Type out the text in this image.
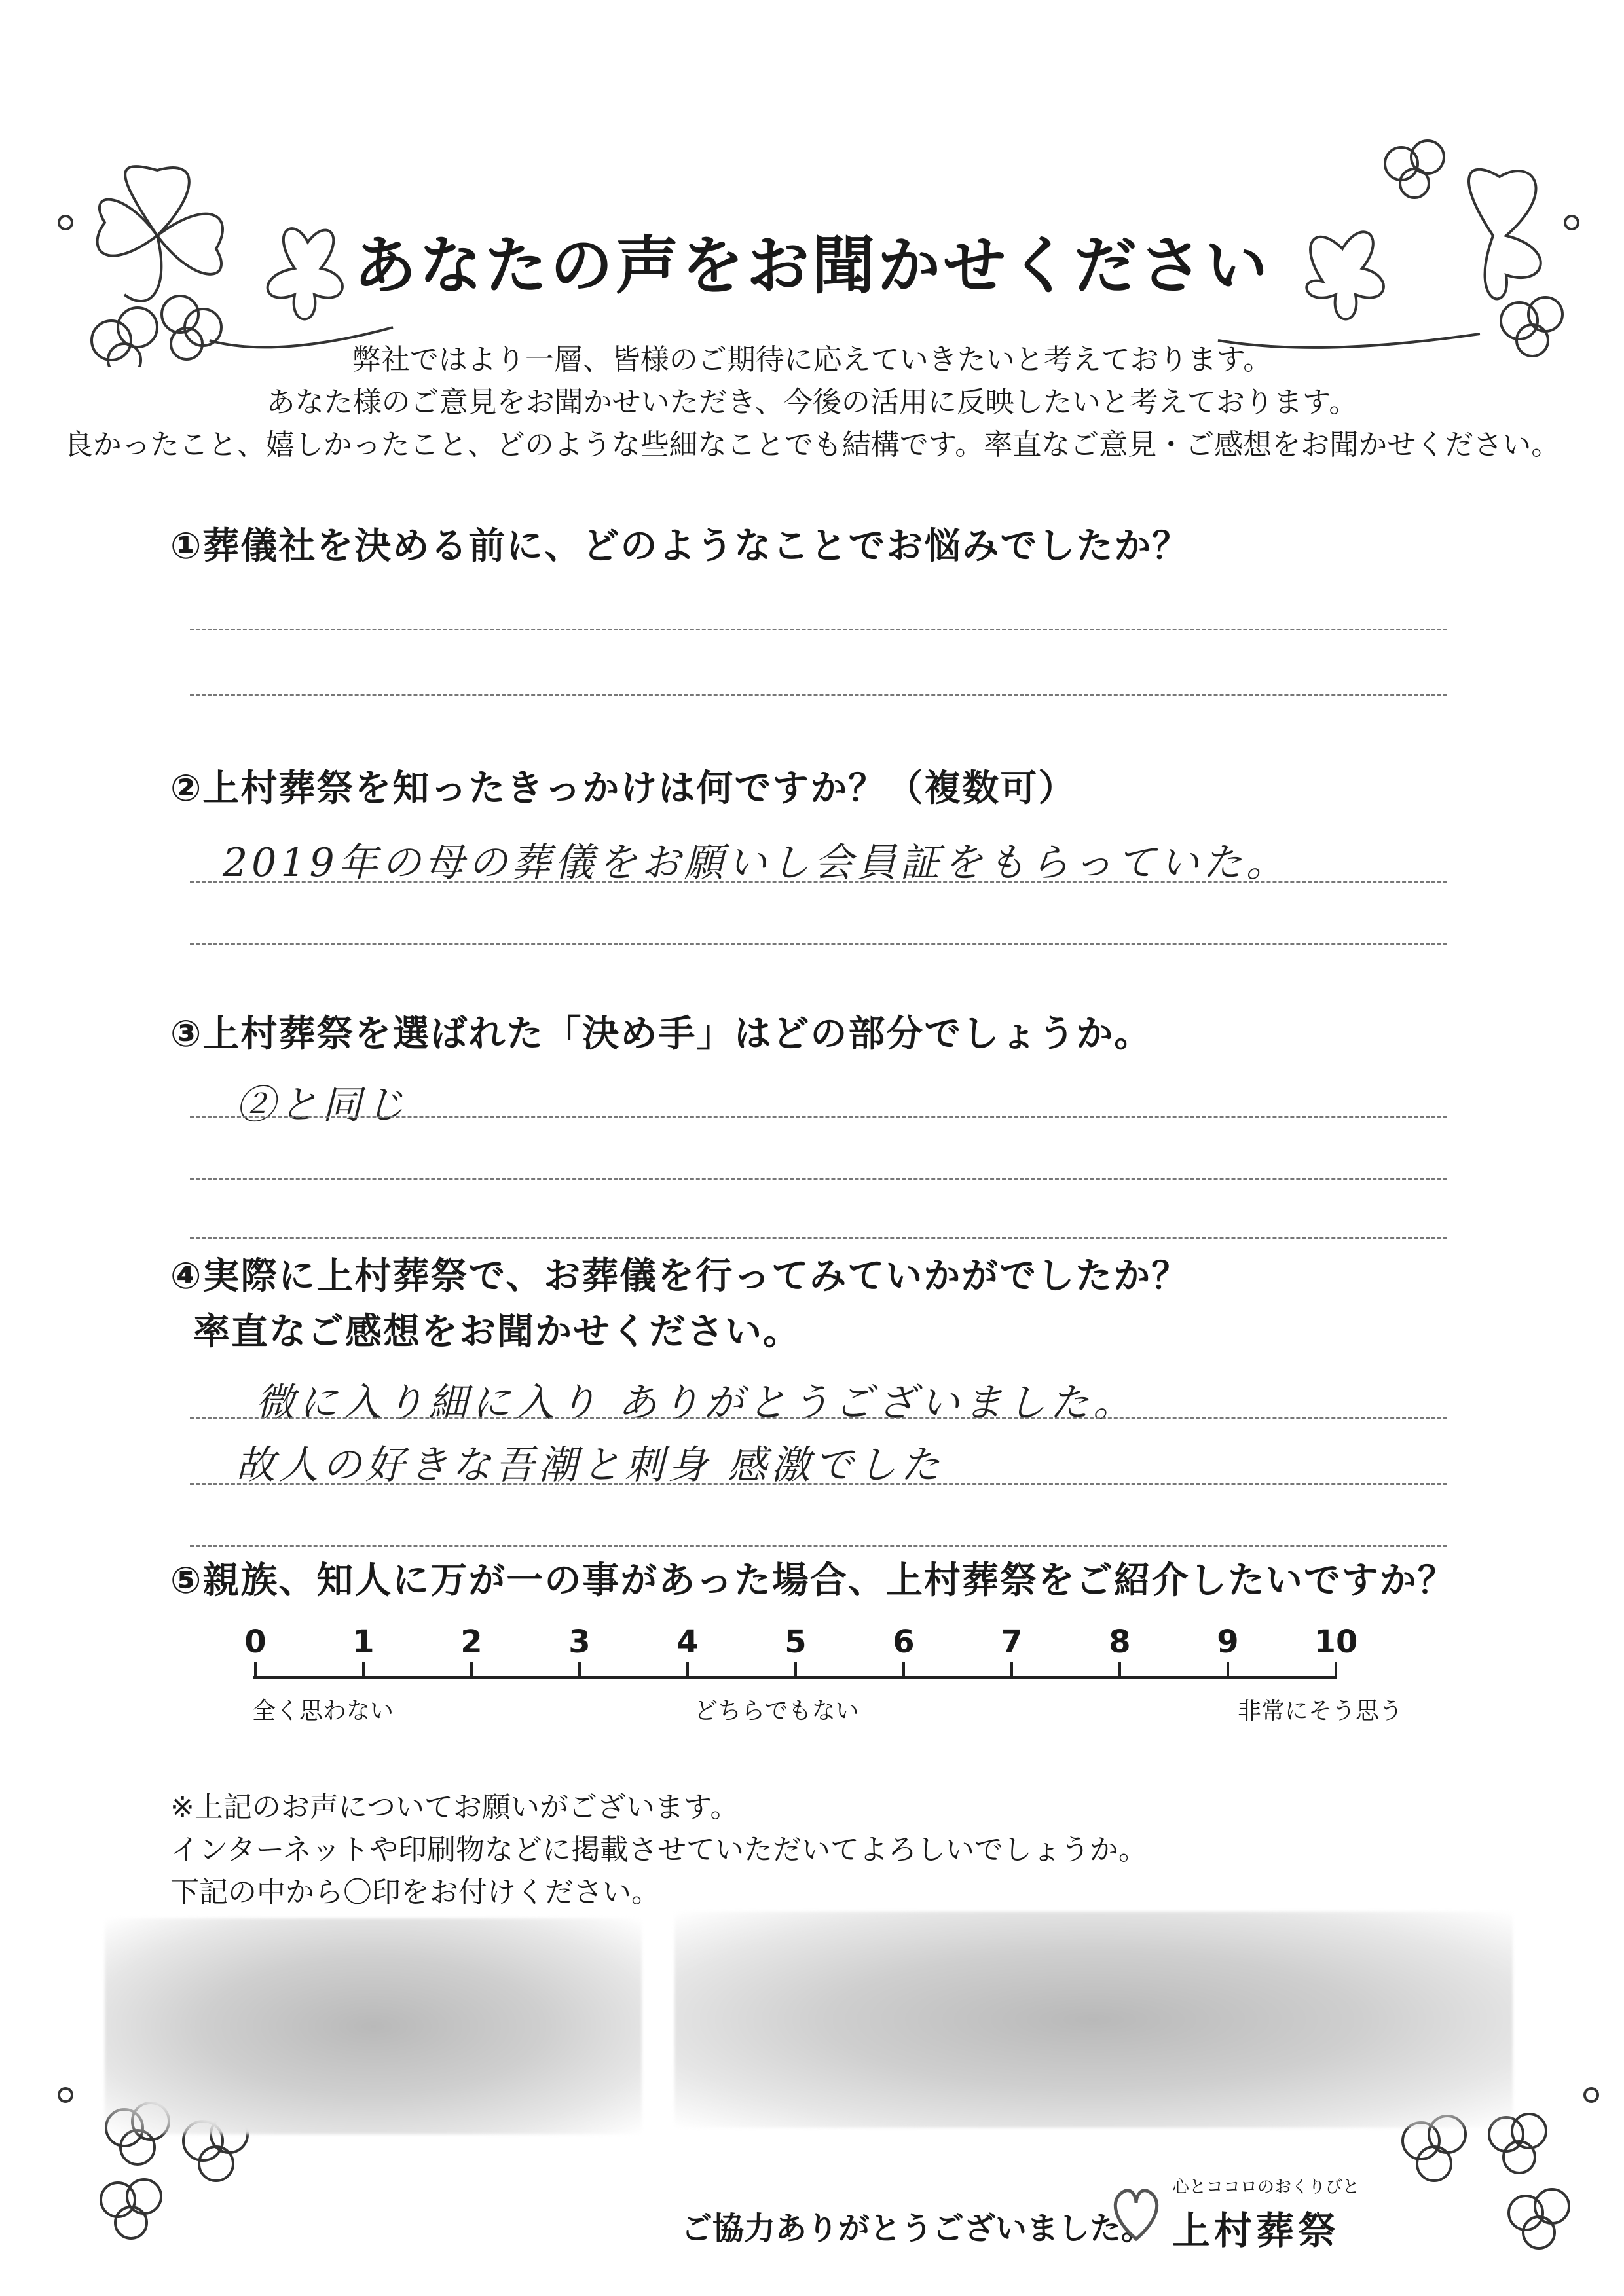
あなたの声をお聞かせください
弊社ではより一層、皆様のご期待に応えていきたいと考えております。
あなた様のご意見をお聞かせいただき、今後の活用に反映したいと考えております。
良かったこと、嬉しかったこと、どのような些細なことでも結構です。率直なご意見・ご感想をお聞かせください。
①葬儀社を決める前に、どのようなことでお悩みでしたか？
②上村葬祭を知ったきっかけは何ですか？（複数可）
2019年の母の葬儀をお願いし会員証をもらっていた。
③上村葬祭を選ばれた「決め手」はどの部分でしょうか。
②と同じ
④実際に上村葬祭で、お葬儀を行ってみていかがでしたか？
率直なご感想をお聞かせください。
微に入り細に入り ありがとうございました。
故人の好きな吾潮と刺身 感激でした
⑤親族、知人に万が一の事があった場合、上村葬祭をご紹介したいですか？
0	1	2	3	4	5	6	7	8	9	10
全く思わない	どちらでもない	非常にそう思う
※上記のお声についてお願いがございます。
インターネットや印刷物などに掲載させていただいてよろしいでしょうか。
下記の中から〇印をお付けください。
ご協力ありがとうございました。
心とココロのおくりびと
上村葬祭
